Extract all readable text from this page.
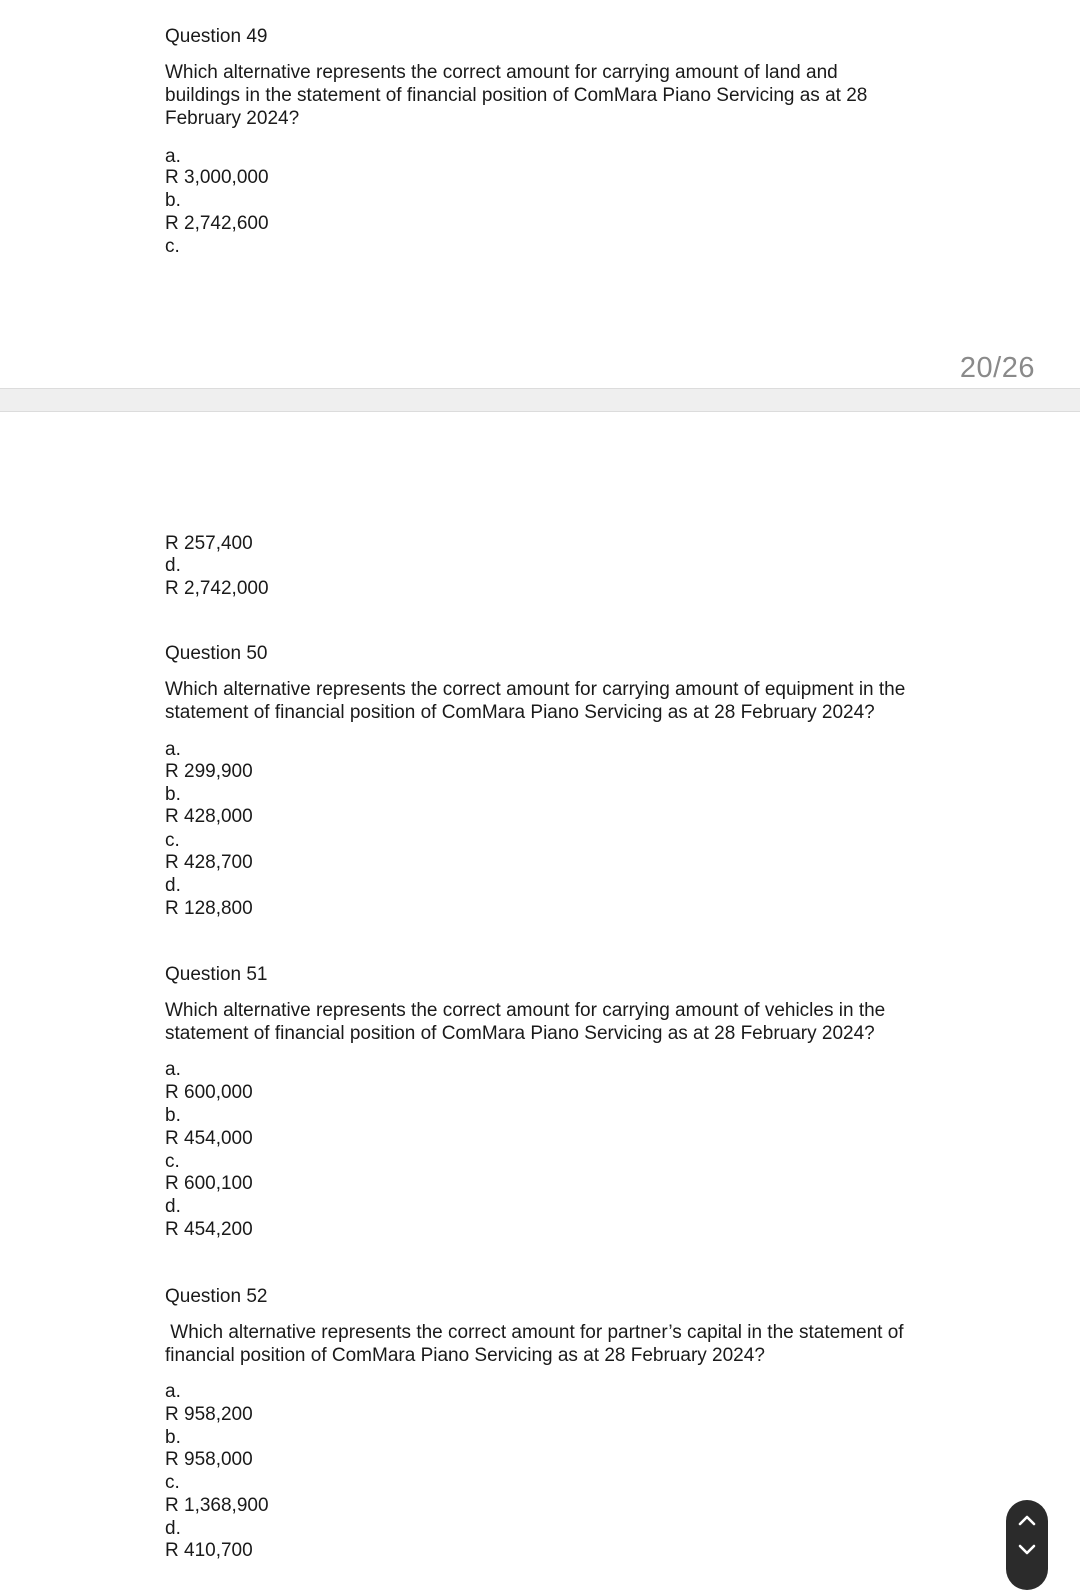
Question 49
Which alternative represents the correct amount for carrying amount of land and buildings in the statement of financial position of ComMara Piano Servicing as at 28 February 2024?
a.
R 3,000,000
b.
R 2,742,600
c.
20/26
R 257,400
d.
R 2,742,000
Question 50
Which alternative represents the correct amount for carrying amount of equipment in the statement of financial position of ComMara Piano Servicing as at 28 February 2024?
a.
R 299,900
b.
R 428,000
c.
R 428,700
d.
R 128,800
Question 51
Which alternative represents the correct amount for carrying amount of vehicles in the statement of financial position of ComMara Piano Servicing as at 28 February 2024?
a.
R 600,000
b.
R 454,000
c.
R 600,100
d.
R 454,200
Question 52
Which alternative represents the correct amount for partner’s capital in the statement of financial position of ComMara Piano Servicing as at 28 February 2024?
a.
R 958,200
b.
R 958,000
c.
R 1,368,900
d.
R 410,700
